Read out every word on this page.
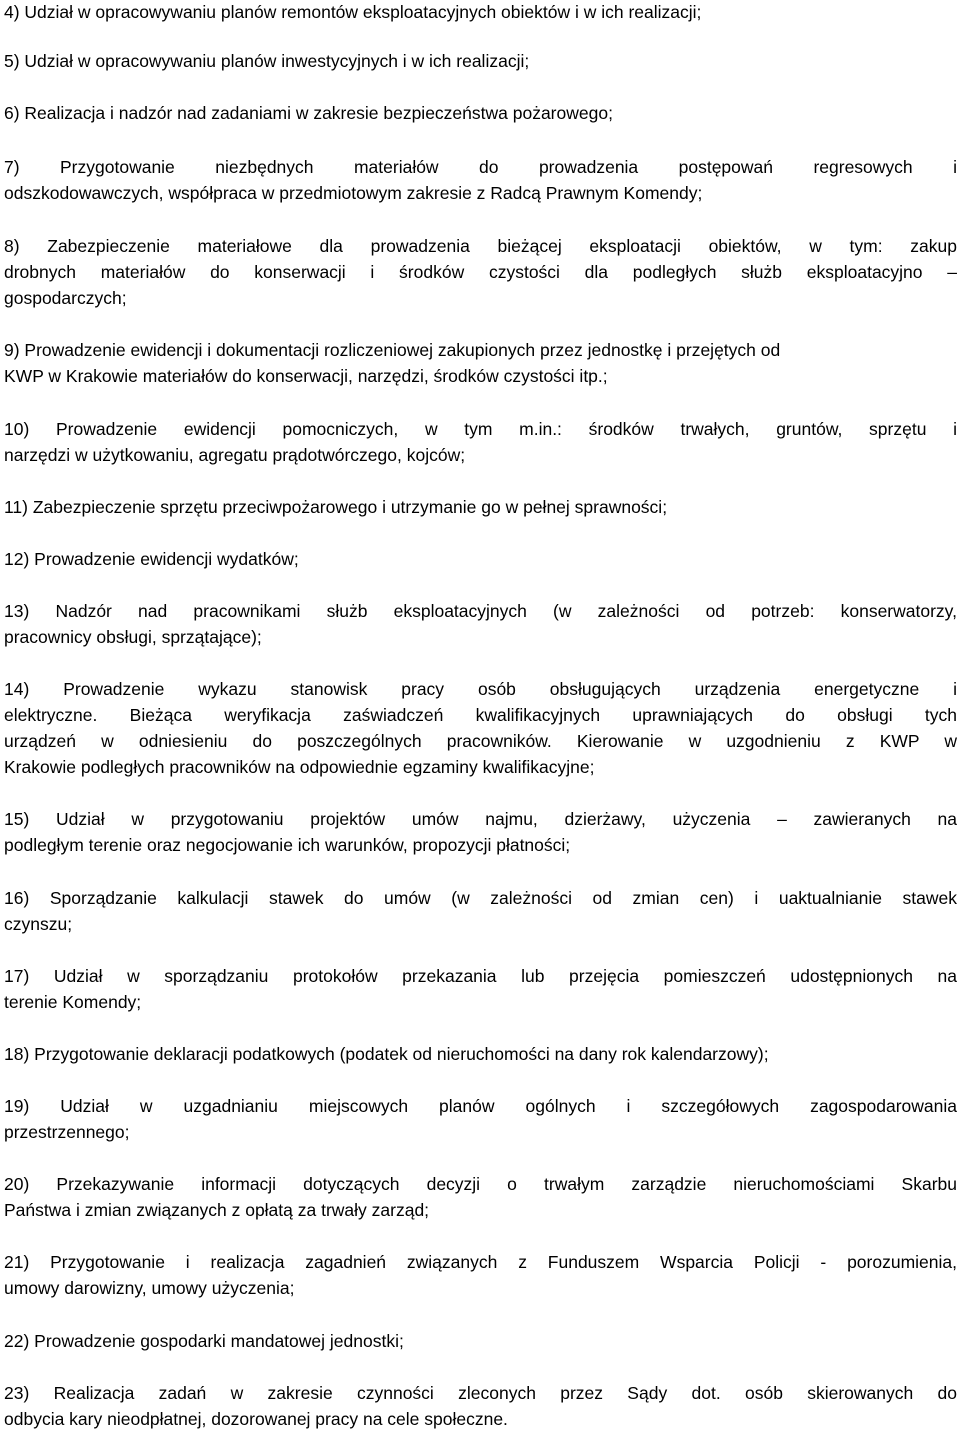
4) Udział w opracowywaniu planów remontów eksploatacyjnych obiektów i w ich realizacji;

5) Udział w opracowywaniu planów inwestycyjnych i w ich realizacji;

6) Realizacja i nadzór nad zadaniami w zakresie bezpieczeństwa pożarowego;

7) Przygotowanie niezbędnych materiałów do prowadzenia postępowań regresowych i
odszkodowawczych, współpraca w przedmiotowym zakresie z Radcą Prawnym Komendy;

8) Zabezpieczenie materiałowe dla prowadzenia bieżącej eksploatacji obiektów, w tym: zakup
drobnych materiałów do konserwacji i środków czystości dla podległych służb eksploatacyjno –
gospodarczych;

9) Prowadzenie ewidencji i dokumentacji rozliczeniowej zakupionych przez jednostkę i przejętych od
KWP w Krakowie materiałów do konserwacji, narzędzi, środków czystości itp.;

10) Prowadzenie ewidencji pomocniczych, w tym m.in.: środków trwałych, gruntów, sprzętu i
narzędzi w użytkowaniu, agregatu prądotwórczego, kojców;

11) Zabezpieczenie sprzętu przeciwpożarowego i utrzymanie go w pełnej sprawności;

12) Prowadzenie ewidencji wydatków;

13) Nadzór nad pracownikami służb eksploatacyjnych (w zależności od potrzeb: konserwatorzy,
pracownicy obsługi, sprzątające);

14) Prowadzenie wykazu stanowisk pracy osób obsługujących urządzenia energetyczne i
elektryczne. Bieżąca weryfikacja zaświadczeń kwalifikacyjnych uprawniających do obsługi tych
urządzeń w odniesieniu do poszczególnych pracowników. Kierowanie w uzgodnieniu z KWP w
Krakowie podległych pracowników na odpowiednie egzaminy kwalifikacyjne;

15) Udział w przygotowaniu projektów umów najmu, dzierżawy, użyczenia – zawieranych na
podległym terenie oraz negocjowanie ich warunków, propozycji płatności;

16) Sporządzanie kalkulacji stawek do umów (w zależności od zmian cen) i uaktualnianie stawek
czynszu;

17) Udział w sporządzaniu protokołów przekazania lub przejęcia pomieszczeń udostępnionych na
terenie Komendy;

18) Przygotowanie deklaracji podatkowych (podatek od nieruchomości na dany rok kalendarzowy);

19) Udział w uzgadnianiu miejscowych planów ogólnych i szczegółowych zagospodarowania
przestrzennego;

20) Przekazywanie informacji dotyczących decyzji o trwałym zarządzie nieruchomościami Skarbu
Państwa i zmian związanych z opłatą za trwały zarząd;

21) Przygotowanie i realizacja zagadnień związanych z Funduszem Wsparcia Policji - porozumienia,
umowy darowizny, umowy użyczenia;

22) Prowadzenie gospodarki mandatowej jednostki;

23) Realizacja zadań w zakresie czynności zleconych przez Sądy dot. osób skierowanych do
odbycia kary nieodpłatnej, dozorowanej pracy na cele społeczne.
